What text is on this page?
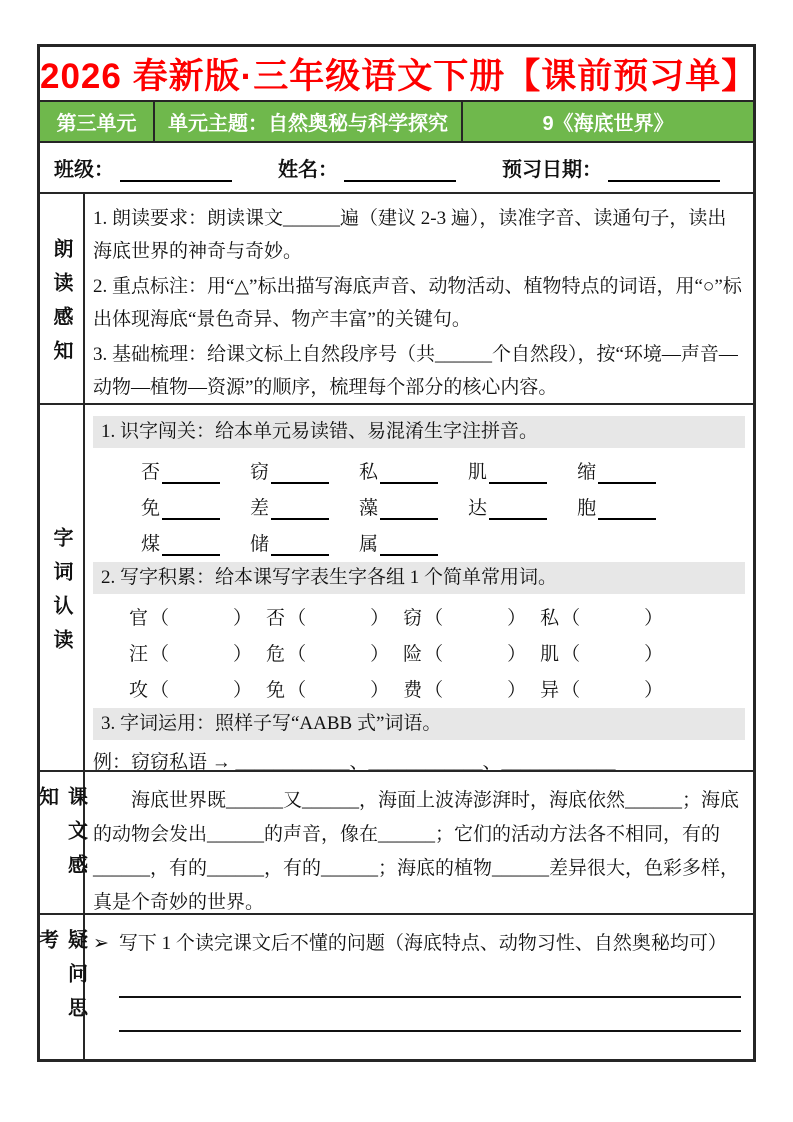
2026 春新版·三年级语文下册【课前预习单】
第三单元	单元主题：自然奥秘与科学探究	9《海底世界》
班级：	姓名：	预习日期：
朗读感知
1. 朗读要求：朗读课文______遍（建议 2-3 遍），读准字音、读通句子，读出海底世界的神奇与奇妙。
2. 重点标注：用“△”标出描写海底声音、动物活动、植物特点的词语，用“○”标出体现海底“景色奇异、物产丰富”的关键句。
3. 基础梳理：给课文标上自然段序号（共______个自然段），按“环境—声音—动物—植物—资源”的顺序，梳理每个部分的核心内容。
字词认读
1. 识字闯关：给本单元易读错、易混淆生字注拼音。
否	窃	私	肌	缩
免	差	藻	达	胞
煤	储	属
2. 写字积累：给本课写字表生字各组 1 个简单常用词。
官 （	） 否 （	） 窃 （	） 私 （	）
汪 （	） 危 （	） 险 （	） 肌 （	）
攻 （	） 免 （	） 费 （	） 异 （	）
3. 字词运用：照样子写“AABB 式”词语。
例：窃窃私语 → ____________、____________、____________
课文感知	海底世界既______又______，海面上波涛澎湃时，海底依然______；海底的动物会发出______的声音，像在______；它们的活动方法各不相同，有的______，有的______，有的______；海底的植物______差异很大，色彩多样，真是个奇妙的世界。
疑问思考	➢ 写下 1 个读完课文后不懂的问题（海底特点、动物习性、自然奥秘均可）
